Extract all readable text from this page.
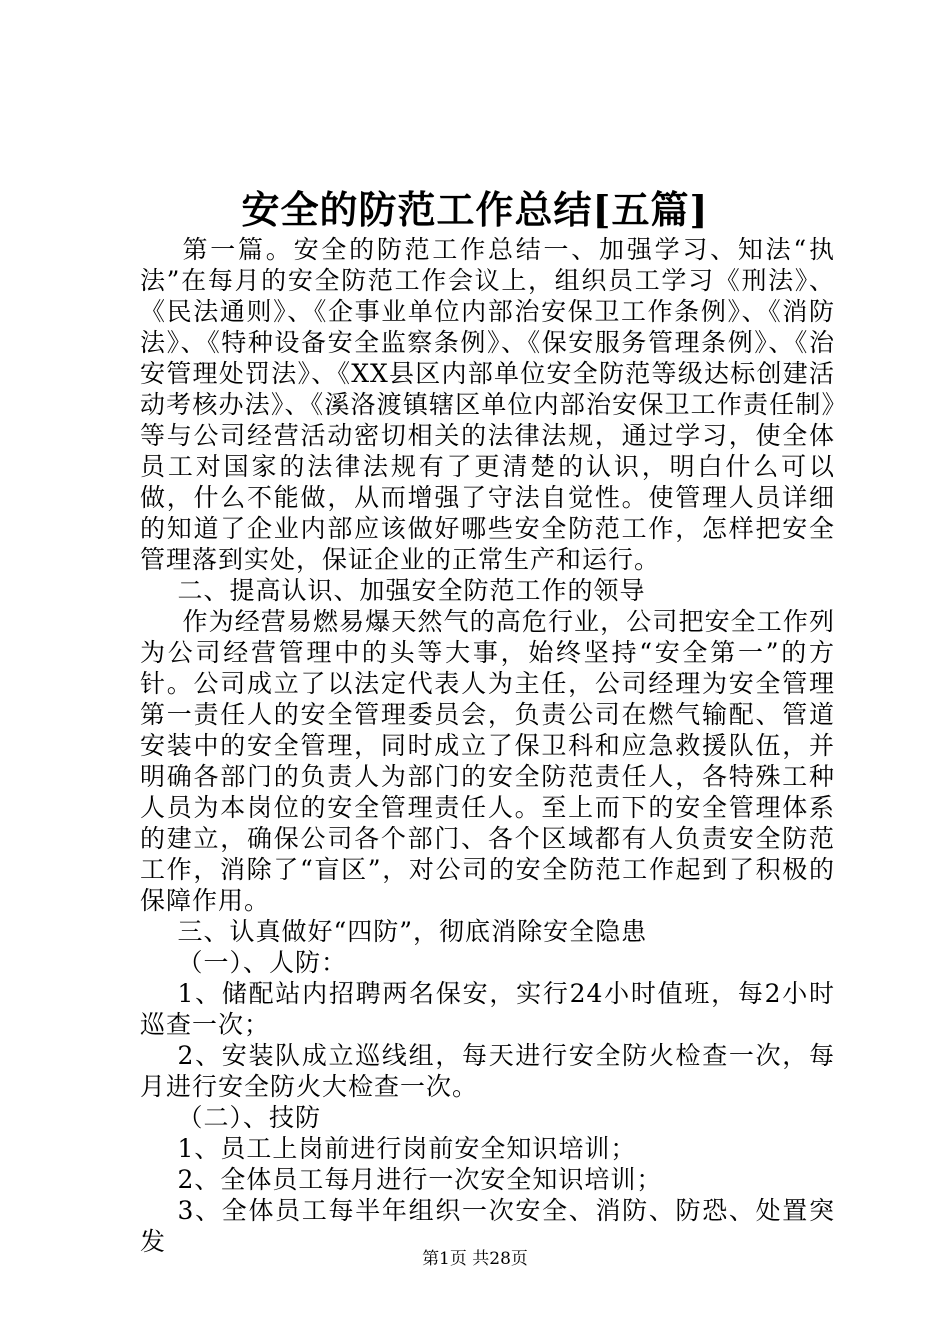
安全的防范工作总结[五篇]

第一篇。安全的防范工作总结一、加强学习、知法“执法”在每月的安全防范工作会议上，组织员工学习《刑法》、《民法通则》、《企事业单位内部治安保卫工作条例》、《消防法》、《特种设备安全监察条例》、《保安服务管理条例》、《治安管理处罚法》、《XX县区内部单位安全防范等级达标创建活动考核办法》、《溪洛渡镇辖区单位内部治安保卫工作责任制》等与公司经营活动密切相关的法律法规，通过学习，使全体员工对国家的法律法规有了更清楚的认识，明白什么可以做，什么不能做，从而增强了守法自觉性。使管理人员详细的知道了企业内部应该做好哪些安全防范工作，怎样把安全管理落到实处，保证企业的正常生产和运行。

二、提高认识、加强安全防范工作的领导

作为经营易燃易爆天然气的高危行业，公司把安全工作列为公司经营管理中的头等大事，始终坚持“安全第一”的方针。公司成立了以法定代表人为主任，公司经理为安全管理第一责任人的安全管理委员会，负责公司在燃气输配、管道安装中的安全管理，同时成立了保卫科和应急救援队伍，并明确各部门的负责人为部门的安全防范责任人，各特殊工种人员为本岗位的安全管理责任人。至上而下的安全管理体系的建立，确保公司各个部门、各个区域都有人负责安全防范工作，消除了“盲区”，对公司的安全防范工作起到了积极的保障作用。

三、认真做好“四防”，彻底消除安全隐患

（一）、人防：

1、储配站内招聘两名保安，实行24小时值班，每2小时巡查一次；

2、安装队成立巡线组，每天进行安全防火检查一次，每月进行安全防火大检查一次。

（二）、技防

1、员工上岗前进行岗前安全知识培训；

2、全体员工每月进行一次安全知识培训；

3、全体员工每半年组织一次安全、消防、防恐、处置突发

第1页 共28页
